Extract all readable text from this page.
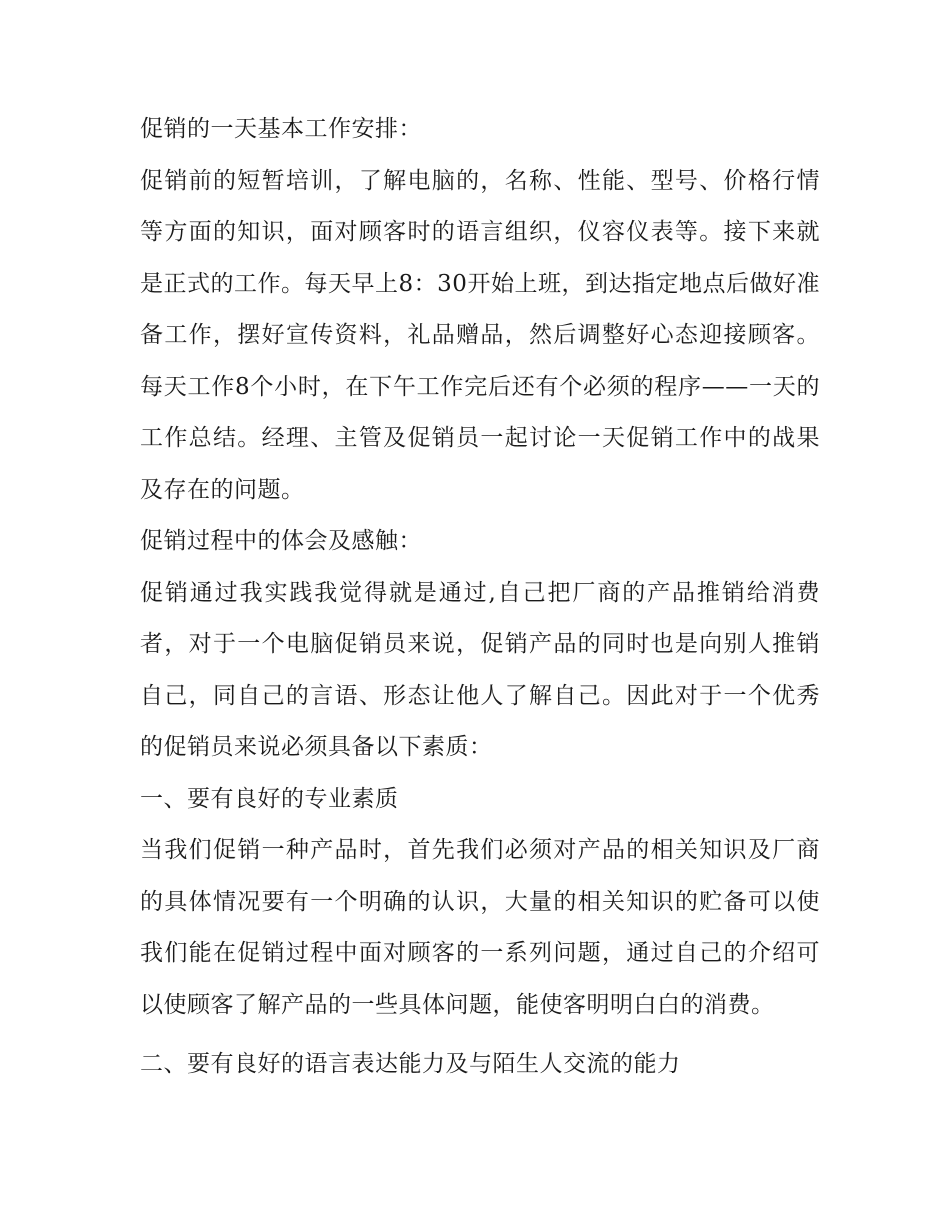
促销的一天基本工作安排：

促销前的短暂培训，了解电脑的，名称、性能、型号、价格行情等方面的知识，面对顾客时的语言组织，仪容仪表等。接下来就是正式的工作。每天早上8：30开始上班，到达指定地点后做好准备工作，摆好宣传资料，礼品赠品，然后调整好心态迎接顾客。每天工作8个小时，在下午工作完后还有个必须的程序——一天的工作总结。经理、主管及促销员一起讨论一天促销工作中的战果及存在的问题。

促销过程中的体会及感触：

促销通过我实践我觉得就是通过,自己把厂商的产品推销给消费者，对于一个电脑促销员来说，促销产品的同时也是向别人推销自己，同自己的言语、形态让他人了解自己。因此对于一个优秀的促销员来说必须具备以下素质：

一、要有良好的专业素质

当我们促销一种产品时，首先我们必须对产品的相关知识及厂商的具体情况要有一个明确的认识，大量的相关知识的贮备可以使我们能在促销过程中面对顾客的一系列问题，通过自己的介绍可以使顾客了解产品的一些具体问题，能使客明明白白的消费。

二、要有良好的语言表达能力及与陌生人交流的能力
